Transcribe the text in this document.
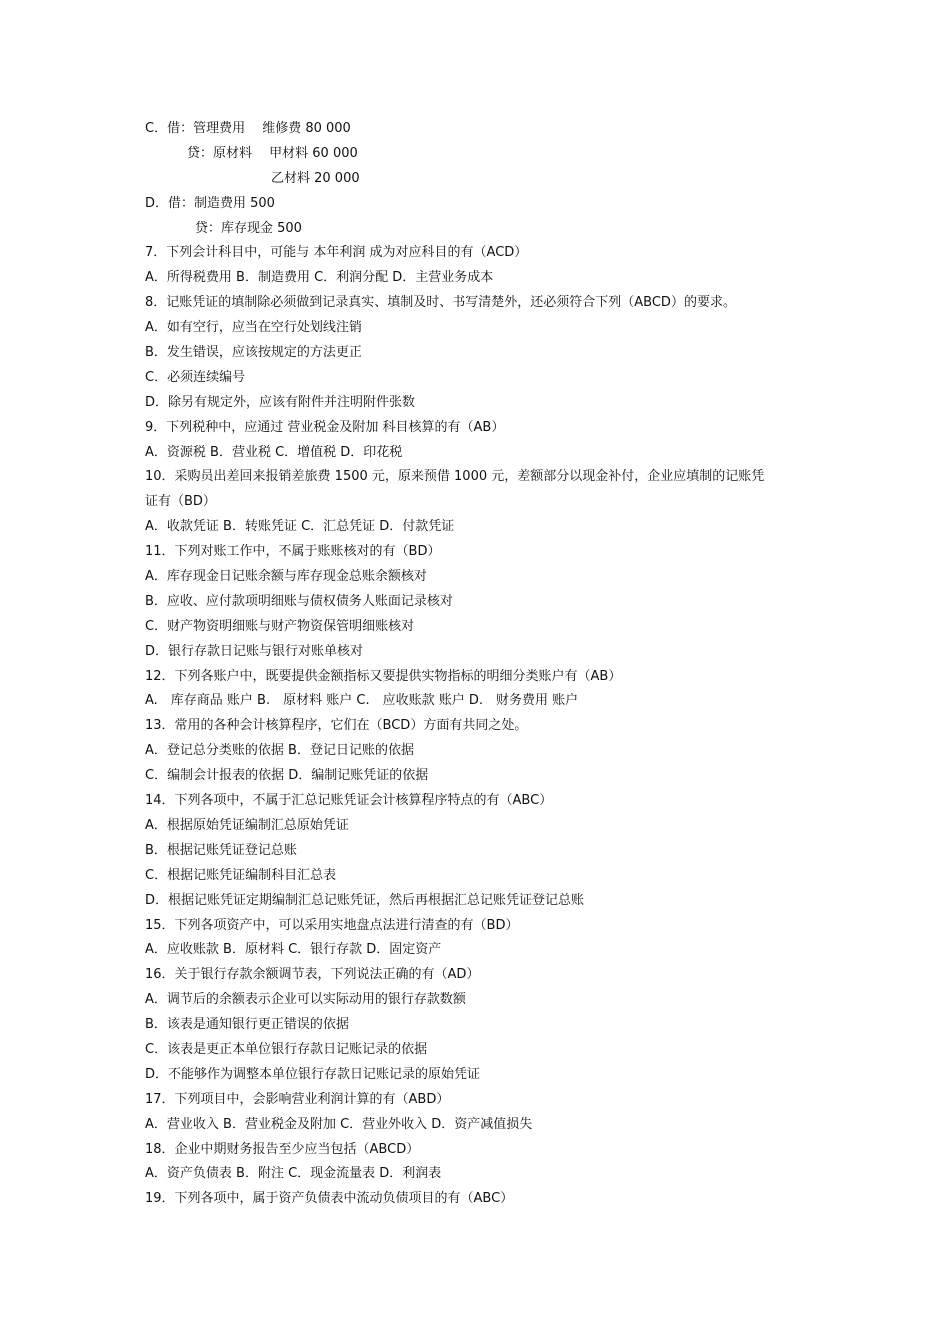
C．借：管理费用　 维修费 80 000
贷：原材料　 甲材料 60 000
乙材料 20 000
D．借：制造费用 500
贷：库存现金 500
7．下列会计科目中，可能与 本年利润 成为对应科目的有（ACD）
A．所得税费用 B．制造费用 C．利润分配 D．主营业务成本
8．记账凭证的填制除必须做到记录真实、填制及时、书写清楚外，还必须符合下列（ABCD）的要求。
A．如有空行，应当在空行处划线注销
B．发生错误，应该按规定的方法更正
C．必须连续编号
D．除另有规定外，应该有附件并注明附件张数
9．下列税种中，应通过 营业税金及附加 科目核算的有（AB）
A．资源税 B．营业税 C．增值税 D．印花税
10．采购员出差回来报销差旅费 1500 元，原来预借 1000 元，差额部分以现金补付，企业应填制的记账凭
证有（BD）
A．收款凭证 B．转账凭证 C．汇总凭证 D．付款凭证
11．下列对账工作中，不属于账账核对的有（BD）
A．库存现金日记账余额与库存现金总账余额核对
B．应收、应付款项明细账与债权债务人账面记录核对
C．财产物资明细账与财产物资保管明细账核对
D．银行存款日记账与银行对账单核对
12．下列各账户中，既要提供金额指标又要提供实物指标的明细分类账户有（AB）
A.　库存商品 账户 B.　原材料 账户 C.　应收账款 账户 D.　财务费用 账户
13．常用的各种会计核算程序，它们在（BCD）方面有共同之处。
A．登记总分类账的依据 B．登记日记账的依据
C．编制会计报表的依据 D．编制记账凭证的依据
14．下列各项中，不属于汇总记账凭证会计核算程序特点的有（ABC）
A．根据原始凭证编制汇总原始凭证
B．根据记账凭证登记总账
C．根据记账凭证编制科目汇总表
D．根据记账凭证定期编制汇总记账凭证，然后再根据汇总记账凭证登记总账
15．下列各项资产中，可以采用实地盘点法进行清查的有（BD）
A．应收账款 B．原材料 C．银行存款 D．固定资产
16．关于银行存款余额调节表，下列说法正确的有（AD）
A．调节后的余额表示企业可以实际动用的银行存款数额
B．该表是通知银行更正错误的依据
C．该表是更正本单位银行存款日记账记录的依据
D．不能够作为调整本单位银行存款日记账记录的原始凭证
17．下列项目中，会影响营业利润计算的有（ABD）
A．营业收入 B．营业税金及附加 C．营业外收入 D．资产减值损失
18．企业中期财务报告至少应当包括（ABCD）
A．资产负债表 B．附注 C．现金流量表 D．利润表
19．下列各项中，属于资产负债表中流动负债项目的有（ABC）
